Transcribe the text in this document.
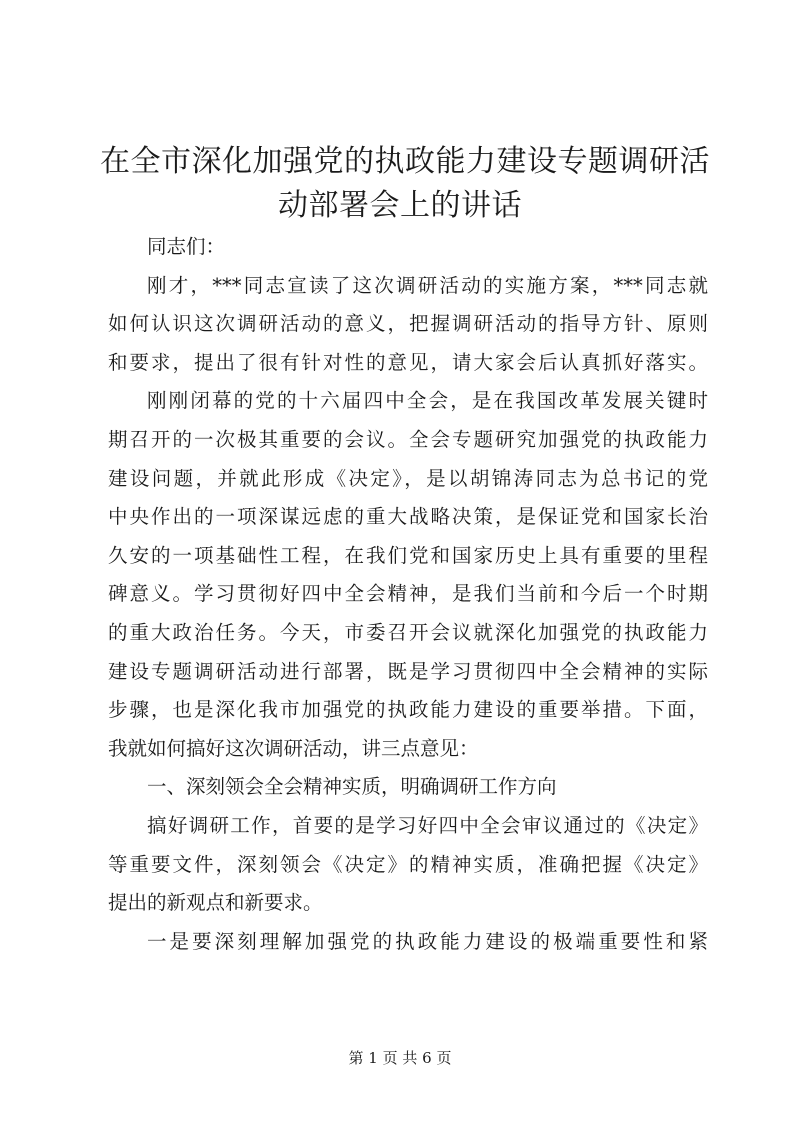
在全市深化加强党的执政能力建设专题调研活
动部署会上的讲话
同志们：
刚才，***同志宣读了这次调研活动的实施方案，***同志就
如何认识这次调研活动的意义，把握调研活动的指导方针、原则
和要求，提出了很有针对性的意见，请大家会后认真抓好落实。
刚刚闭幕的党的十六届四中全会，是在我国改革发展关键时
期召开的一次极其重要的会议。全会专题研究加强党的执政能力
建设问题，并就此形成《决定》，是以胡锦涛同志为总书记的党
中央作出的一项深谋远虑的重大战略决策，是保证党和国家长治
久安的一项基础性工程，在我们党和国家历史上具有重要的里程
碑意义。学习贯彻好四中全会精神，是我们当前和今后一个时期
的重大政治任务。今天，市委召开会议就深化加强党的执政能力
建设专题调研活动进行部署，既是学习贯彻四中全会精神的实际
步骤，也是深化我市加强党的执政能力建设的重要举措。下面，
我就如何搞好这次调研活动，讲三点意见：
一、深刻领会全会精神实质，明确调研工作方向
搞好调研工作，首要的是学习好四中全会审议通过的《决定》
等重要文件，深刻领会《决定》的精神实质，准确把握《决定》
提出的新观点和新要求。
一是要深刻理解加强党的执政能力建设的极端重要性和紧
第 1 页 共 6 页
